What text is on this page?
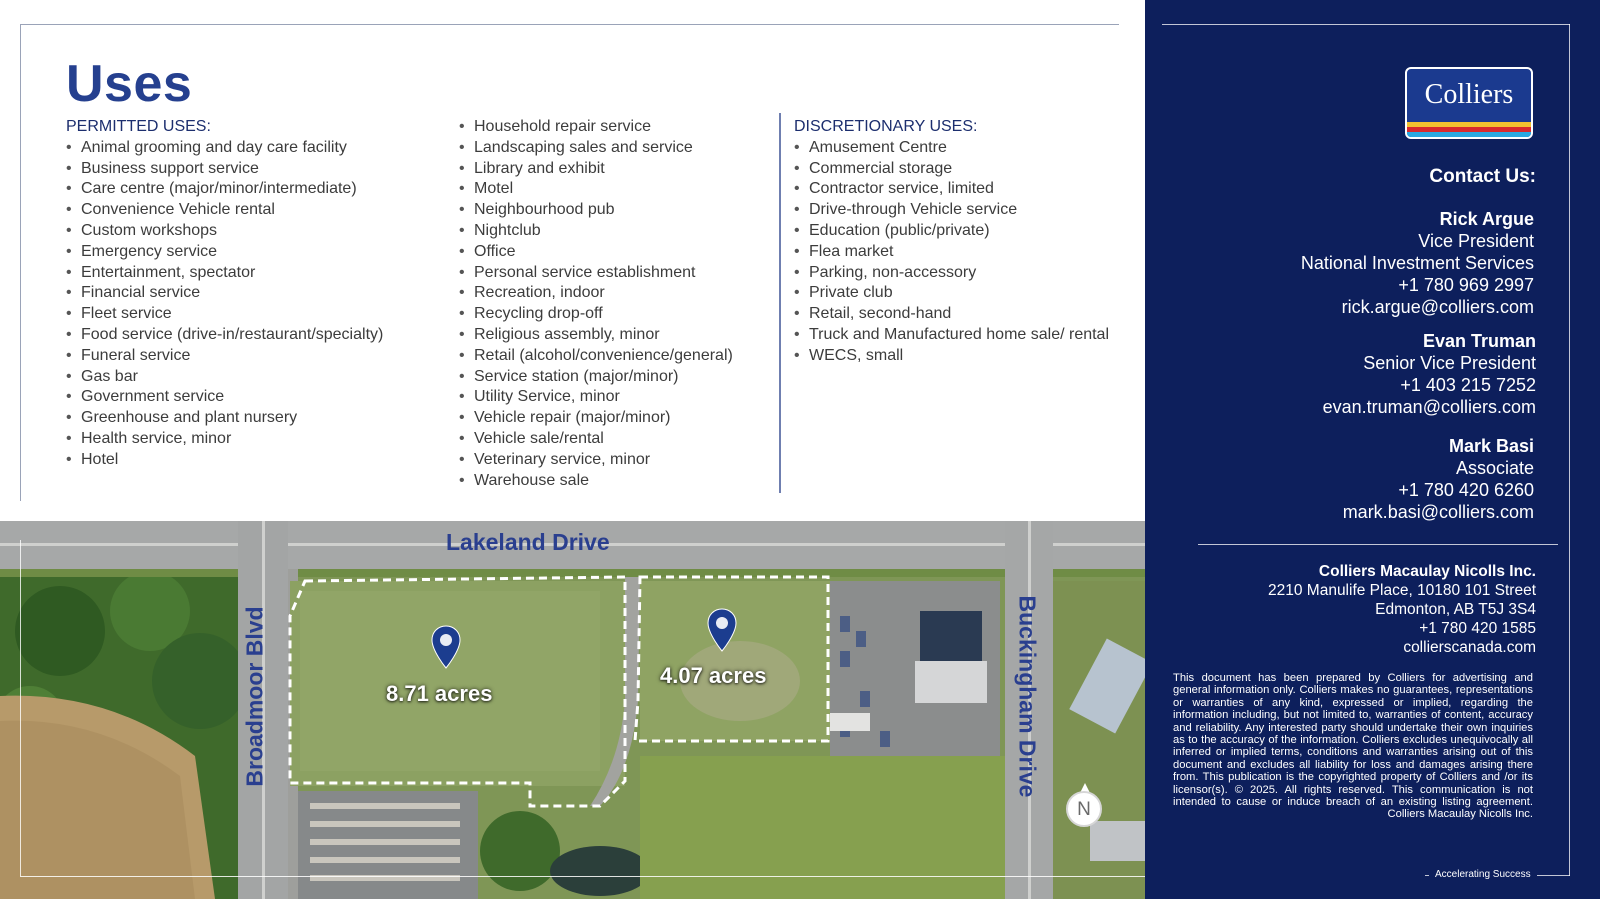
Uses
PERMITTED USES:
• Animal grooming and day care facility
• Business support service
• Care centre (major/minor/intermediate)
• Convenience Vehicle rental
• Custom workshops
• Emergency service
• Entertainment, spectator
• Financial service
• Fleet service
• Food service (drive-in/restaurant/specialty)
• Funeral service
• Gas bar
• Government service
• Greenhouse and plant nursery
• Health service, minor
• Hotel
• Household repair service
• Landscaping sales and service
• Library and exhibit
• Motel
• Neighbourhood pub
• Nightclub
• Office
• Personal service establishment
• Recreation, indoor
• Recycling drop-off
• Religious assembly, minor
• Retail (alcohol/convenience/general)
• Service station (major/minor)
• Utility Service, minor
• Vehicle repair (major/minor)
• Vehicle sale/rental
• Veterinary service, minor
• Warehouse sale
DISCRETIONARY USES:
• Amusement Centre
• Commercial storage
• Contractor service, limited
• Drive-through Vehicle service
• Education (public/private)
• Flea market
• Parking, non-accessory
• Private club
• Retail, second-hand
• Truck and Manufactured home sale/ rental
• WECS, small
Lakeland Drive
Broadmoor Blvd	Buckingham Drive
8.71 acres
4.07 acres
N
Colliers
Contact Us:
Rick Argue
Vice President
National Investment Services
+1 780 969 2997
rick.argue@colliers.com
Evan Truman
Senior Vice President
+1 403 215 7252
evan.truman@colliers.com
Mark Basi
Associate
+1 780 420 6260
mark.basi@colliers.com
Colliers Macaulay Nicolls Inc.
2210 Manulife Place, 10180 101 Street
Edmonton, AB T5J 3S4
+1 780 420 1585
collierscanada.com
This document has been prepared by Colliers for advertising and general information only. Colliers makes no guarantees, representations or warranties of any kind, expressed or implied, regarding the information including, but not limited to, warranties of content, accuracy and reliability. Any interested party should undertake their own inquiries as to the accuracy of the information. Colliers excludes unequivocally all inferred or implied terms, conditions and warranties arising out of this document and excludes all liability for loss and damages arising there from. This publication is the copyrighted property of Colliers and /or its licensor(s). © 2025. All rights reserved. This communication is not intended to cause or induce breach of an existing listing agreement. Colliers Macaulay Nicolls Inc.
Accelerating Success
